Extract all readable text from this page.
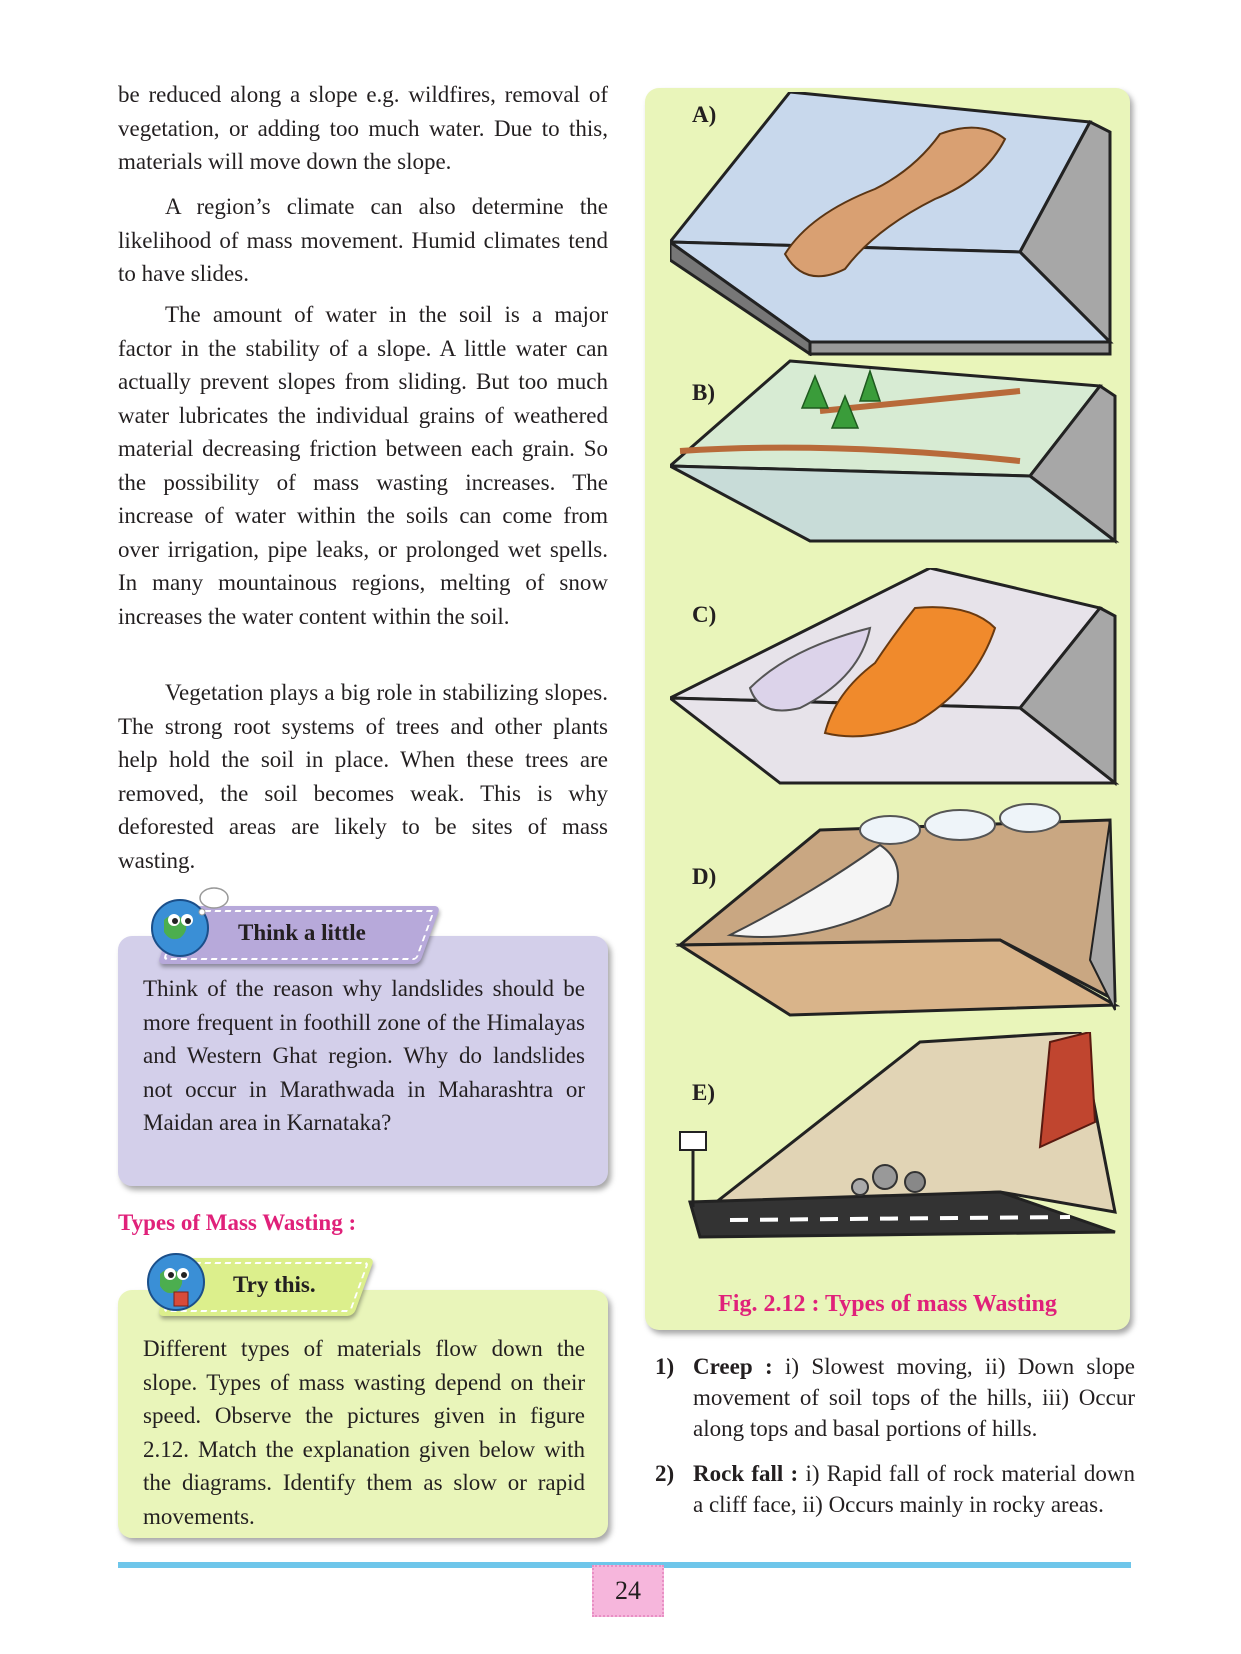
be reduced along a slope e.g. wildfires, removal of vegetation, or adding too much water. Due to this, materials will move down the slope.

A region’s climate can also determine the likelihood of mass movement. Humid climates tend to have slides.

The amount of water in the soil is a major factor in the stability of a slope. A little water can actually prevent slopes from sliding. But too much water lubricates the individual grains of weathered material decreasing friction between each grain. So the possibility of mass wasting increases. The increase of water within the soils can come from over irrigation, pipe leaks, or prolonged wet spells. In many mountainous regions, melting of snow increases the water content within the soil.

Vegetation plays a big role in stabilizing slopes. The strong root systems of trees and other plants help hold the soil in place. When these trees are removed, the soil becomes weak. This is why deforested areas are likely to be sites of mass wasting.

Think of the reason why landslides should be more frequent in foothill zone of the Himalayas and Western Ghat region. Why do landslides not occur in Marathwada in Maharashtra or Maidan area in Karnataka?

Think a little
Types of Mass Wasting :

Different types of materials flow down the slope. Types of mass wasting depend on their speed. Observe the pictures given in figure 2.12. Match the explanation given below with the diagrams. Identify them as slow or rapid movements.

Try this.
A)
B)
C)
D)
E)
Fig. 2.12 : Types of mass Wasting
1) Creep : i) Slowest moving, ii) Down slope movement of soil tops of the hills, iii) Occur along tops and basal portions of hills.
2) Rock fall : i) Rapid fall of rock material down a cliff face, ii) Occurs mainly in rocky areas.
24
